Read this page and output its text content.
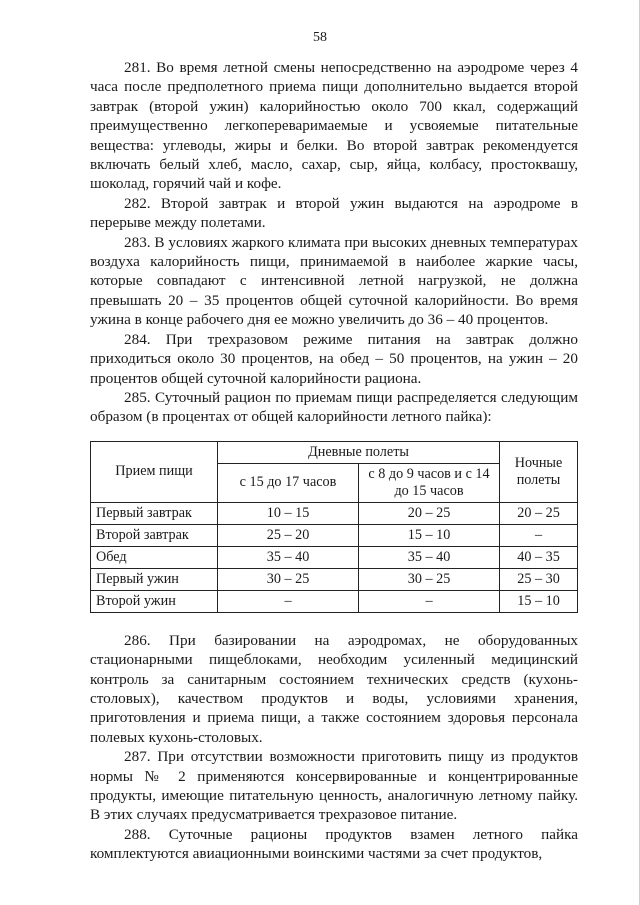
58

281. Во время летной смены непосредственно на аэродроме через 4 часа после предполетного приема пищи дополнительно выдается второй завтрак (второй ужин) калорийностью около 700 ккал, содержащий преимущественно легкопереваримаемые и усвояемые питательные вещества: углеводы, жиры и белки. Во второй завтрак рекомендуется включать белый хлеб, масло, сахар, сыр, яйца, колбасу, простоквашу, шоколад, горячий чай и кофе.

282. Второй завтрак и второй ужин выдаются на аэродроме в перерыве между полетами.

283. В условиях жаркого климата при высоких дневных температурах воздуха калорийность пищи, принимаемой в наиболее жаркие часы, которые совпадают с интенсивной летной нагрузкой, не должна превышать 20 – 35 процентов общей суточной калорийности. Во время ужина в конце рабочего дня ее можно увеличить до 36 – 40 процентов.

284. При трехразовом режиме питания на завтрак должно приходиться около 30 процентов, на обед – 50 процентов, на ужин – 20 процентов общей суточной калорийности рациона.

285. Суточный рацион по приемам пищи распределяется следующим образом (в процентах от общей калорийности летного пайка):

Прием пищи	Дневные полеты		Ночные полеты
	с 15 до 17 часов	с 8 до 9 часов и с 14 до 15 часов	
Первый завтрак	10 – 15	20 – 25	20 – 25
Второй завтрак	25 – 20	15 – 10	–
Обед	35 – 40	35 – 40	40 – 35
Первый ужин	30 – 25	30 – 25	25 – 30
Второй ужин	–	–	15 – 10

286. При базировании на аэродромах, не оборудованных стационарными пищеблоками, необходим усиленный медицинский контроль за санитарным состоянием технических средств (кухонь-столовых), качеством продуктов и воды, условиями хранения, приготовления и приема пищи, а также состоянием здоровья персонала полевых кухонь-столовых.

287. При отсутствии возможности приготовить пищу из продуктов нормы № 2 применяются консервированные и концентрированные продукты, имеющие питательную ценность, аналогичную летному пайку. В этих случаях предусматривается трехразовое питание.

288. Суточные рационы продуктов взамен летного пайка комплектуются авиационными воинскими частями за счет продуктов,
